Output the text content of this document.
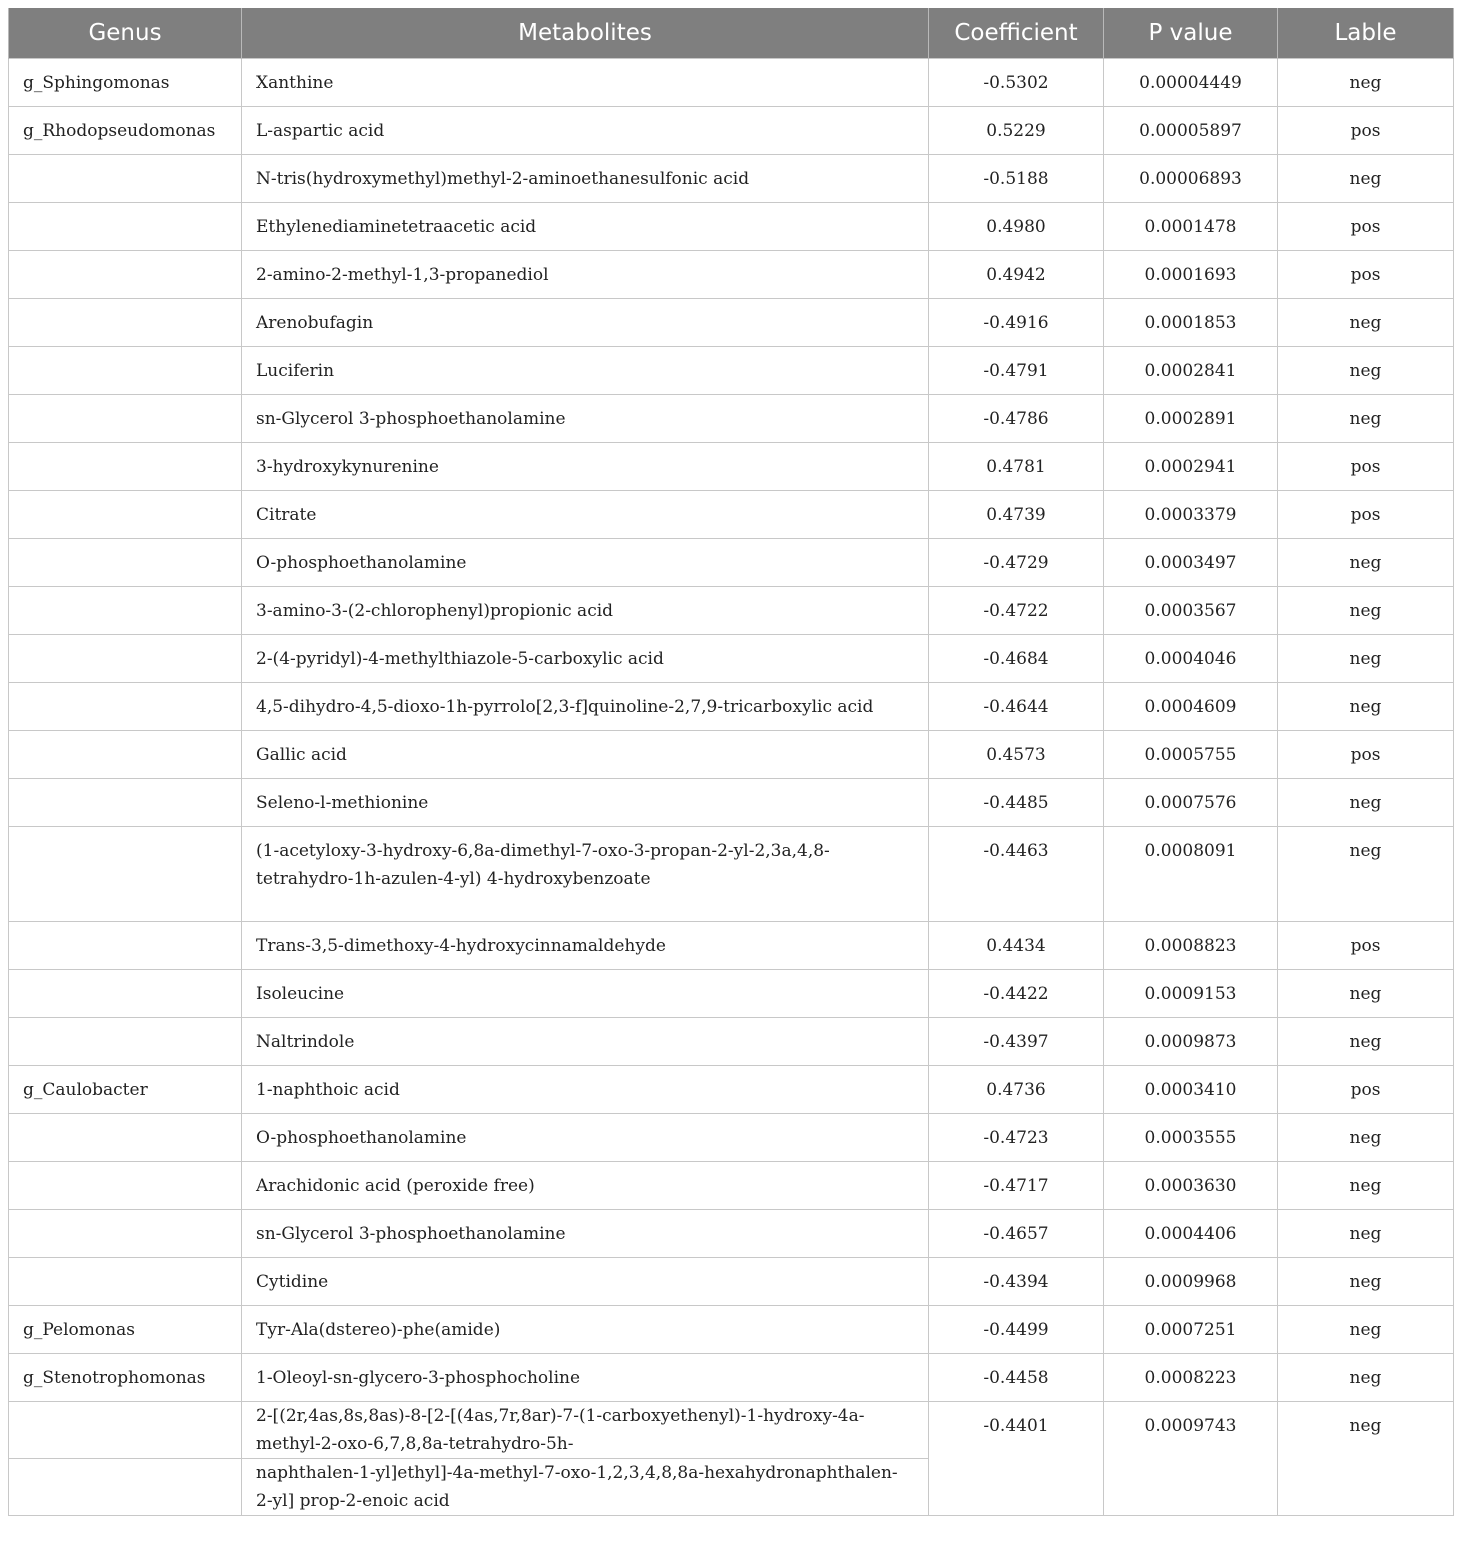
Genus	Metabolites	Coefficient	P value	Lable
g_Sphingomonas	Xanthine	-0.5302	0.00004449	neg
g_Rhodopseudomonas	L-aspartic acid	0.5229	0.00005897	pos
	N-tris(hydroxymethyl)methyl-2-aminoethanesulfonic acid	-0.5188	0.00006893	neg
	Ethylenediaminetetraacetic acid	0.4980	0.0001478	pos
	2-amino-2-methyl-1,3-propanediol	0.4942	0.0001693	pos
	Arenobufagin	-0.4916	0.0001853	neg
	Luciferin	-0.4791	0.0002841	neg
	sn-Glycerol 3-phosphoethanolamine	-0.4786	0.0002891	neg
	3-hydroxykynurenine	0.4781	0.0002941	pos
	Citrate	0.4739	0.0003379	pos
	O-phosphoethanolamine	-0.4729	0.0003497	neg
	3-amino-3-(2-chlorophenyl)propionic acid	-0.4722	0.0003567	neg
	2-(4-pyridyl)-4-methylthiazole-5-carboxylic acid	-0.4684	0.0004046	neg
	4,5-dihydro-4,5-dioxo-1h-pyrrolo[2,3-f]quinoline-2,7,9-tricarboxylic acid	-0.4644	0.0004609	neg
	Gallic acid	0.4573	0.0005755	pos
	Seleno-l-methionine	-0.4485	0.0007576	neg
	(1-acetyloxy-3-hydroxy-6,8a-dimethyl-7-oxo-3-propan-2-yl-2,3a,4,8-tetrahydro-1h-azulen-4-yl) 4-hydroxybenzoate	-0.4463	0.0008091	neg
	Trans-3,5-dimethoxy-4-hydroxycinnamaldehyde	0.4434	0.0008823	pos
	Isoleucine	-0.4422	0.0009153	neg
	Naltrindole	-0.4397	0.0009873	neg
g_Caulobacter	1-naphthoic acid	0.4736	0.0003410	pos
	O-phosphoethanolamine	-0.4723	0.0003555	neg
	Arachidonic acid (peroxide free)	-0.4717	0.0003630	neg
	sn-Glycerol 3-phosphoethanolamine	-0.4657	0.0004406	neg
	Cytidine	-0.4394	0.0009968	neg
g_Pelomonas	Tyr-Ala(dstereo)-phe(amide)	-0.4499	0.0007251	neg
g_Stenotrophomonas	1-Oleoyl-sn-glycero-3-phosphocholine	-0.4458	0.0008223	neg
	2-[(2r,4as,8s,8as)-8-[2-[(4as,7r,8ar)-7-(1-carboxyethenyl)-1-hydroxy-4a-methyl-2-oxo-6,7,8,8a-tetrahydro-5h-	-0.4401	0.0009743	neg
	naphthalen-1-yl]ethyl]-4a-methyl-7-oxo-1,2,3,4,8,8a-hexahydronaphthalen-2-yl] prop-2-enoic acid			
